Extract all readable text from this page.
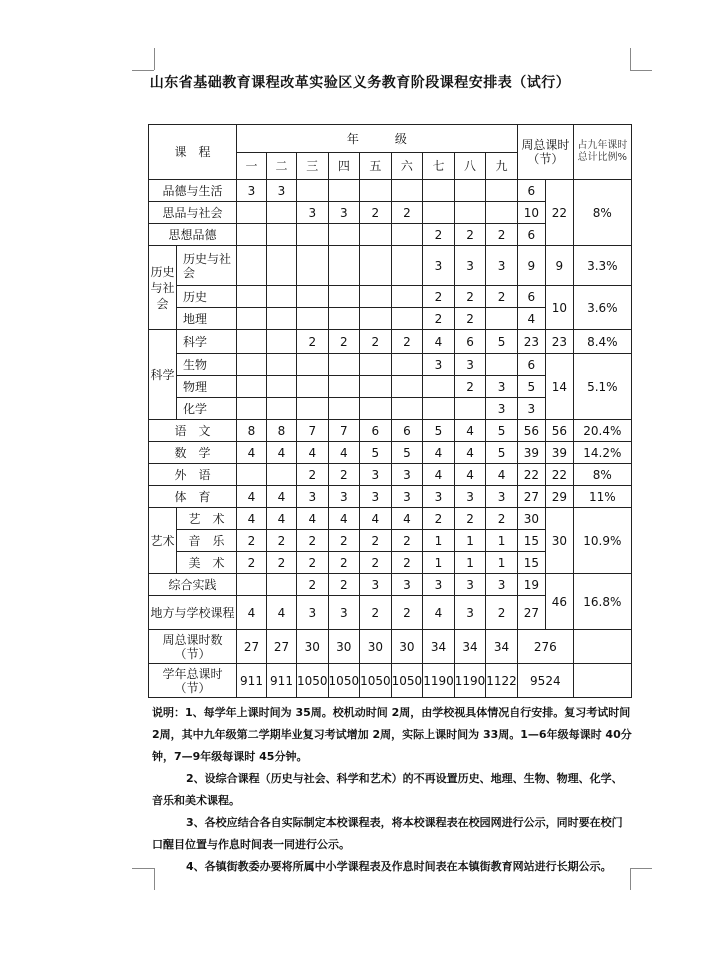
山东省基础教育课程改革实验区义务教育阶段课程安排表（试行）
课　程		年　　　级									周总课时（节）		占九年课时总计比例%
		一	二	三	四	五	六	七	八	九			
品德与生活		3	3								6	22	8%
思品与社会				3	3	2	2				10		
思想品德								2	2	2	6		
历史与社会	历史与社会							3	3	3	9	9	3.3%
	历史							2	2	2	6	10	3.6%
	地理							2	2		4		
科学	科学			2	2	2	2	4	6	5	23	23	8.4%
	生物							3	3		6	14	5.1%
	物理								2	3	5		
	化学									3	3		
语　文		8	8	7	7	6	6	5	4	5	56	56	20.4%
数　学		4	4	4	4	5	5	4	4	5	39	39	14.2%
外　语				2	2	3	3	4	4	4	22	22	8%
体　育		4	4	3	3	3	3	3	3	3	27	29	11%
艺术	艺　术	4	4	4	4	4	4	2	2	2	30	30	10.9%
	音　乐	2	2	2	2	2	2	1	1	1	15		
	美　术	2	2	2	2	2	2	1	1	1	15		
综合实践				2	2	3	3	3	3	3	19	46	16.8%
地方与学校课程		4	4	3	3	2	2	4	3	2	27		
周总课时数（节）		27	27	30	30	30	30	34	34	34	276		
学年总课时（节）		911	911	1050	1050	1050	1050	1190	1190	1122	9524		

说明：1、每学年上课时间为 35周。校机动时间 2周，由学校视具体情况自行安排。复习考试时间 2周，其中九年级第二学期毕业复习考试增加 2周，实际上课时间为 33周。1—6年级每课时 40分钟，7—9年级每课时 45分钟。

2、设综合课程（历史与社会、科学和艺术）的不再设置历史、地理、生物、物理、化学、音乐和美术课程。

3、各校应结合各自实际制定本校课程表，将本校课程表在校园网进行公示，同时要在校门口醒目位置与作息时间表一同进行公示。

4、各镇街教委办要将所属中小学课程表及作息时间表在本镇街教育网站进行长期公示。
